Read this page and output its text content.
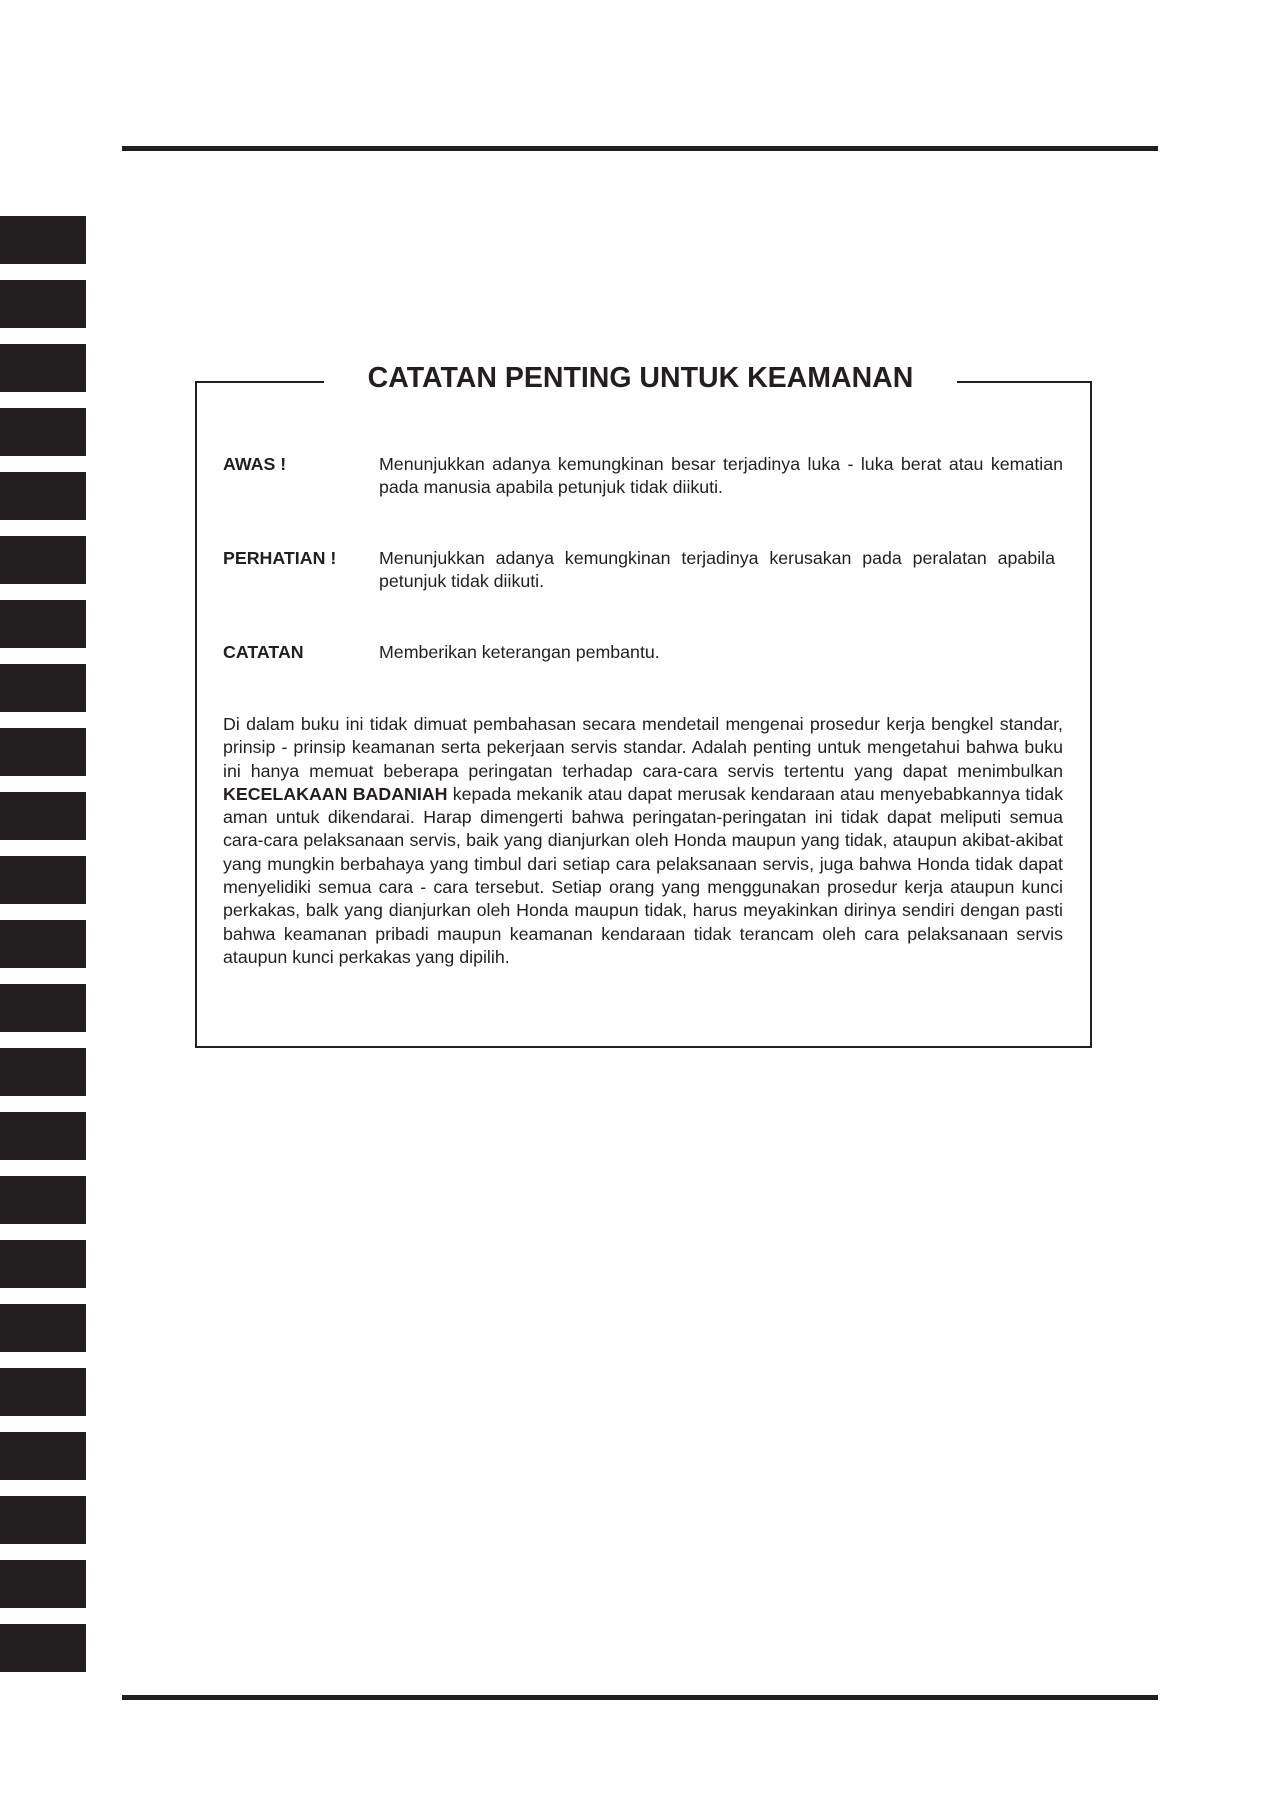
CATATAN PENTING UNTUK KEAMANAN
AWAS !	Menunjukkan adanya kemungkinan besar terjadinya luka - luka berat atau kematian pada manusia apabila petunjuk tidak diikuti.
PERHATIAN ! Menunjukkan adanya kemungkinan terjadinya kerusakan pada peralatan apabila petunjuk tidak diikuti.
CATATAN	Memberikan keterangan pembantu.

Di dalam buku ini tidak dimuat pembahasan secara mendetail mengenai prosedur kerja bengkel standar, prinsip - prinsip keamanan serta pekerjaan servis standar. Adalah penting untuk mengetahui bahwa buku ini hanya memuat beberapa peringatan terhadap cara-cara servis tertentu yang dapat menimbulkan KECELAKAAN BADANIAH kepada mekanik atau dapat merusak kendaraan atau menyebabkannya tidak aman untuk dikendarai. Harap dimengerti bahwa peringatan-peringatan ini tidak dapat meliputi semua cara-cara pelaksanaan servis, baik yang dianjurkan oleh Honda maupun yang tidak, ataupun akibat-akibat yang mungkin berbahaya yang timbul dari setiap cara pelaksanaan servis, juga bahwa Honda tidak dapat menyelidiki semua cara - cara tersebut. Setiap orang yang menggunakan prosedur kerja ataupun kunci perkakas, balk yang dianjurkan oleh Honda maupun tidak, harus meyakinkan dirinya sendiri dengan pasti bahwa keamanan pribadi maupun keamanan kendaraan tidak terancam oleh cara pelaksanaan servis ataupun kunci perkakas yang dipilih.
